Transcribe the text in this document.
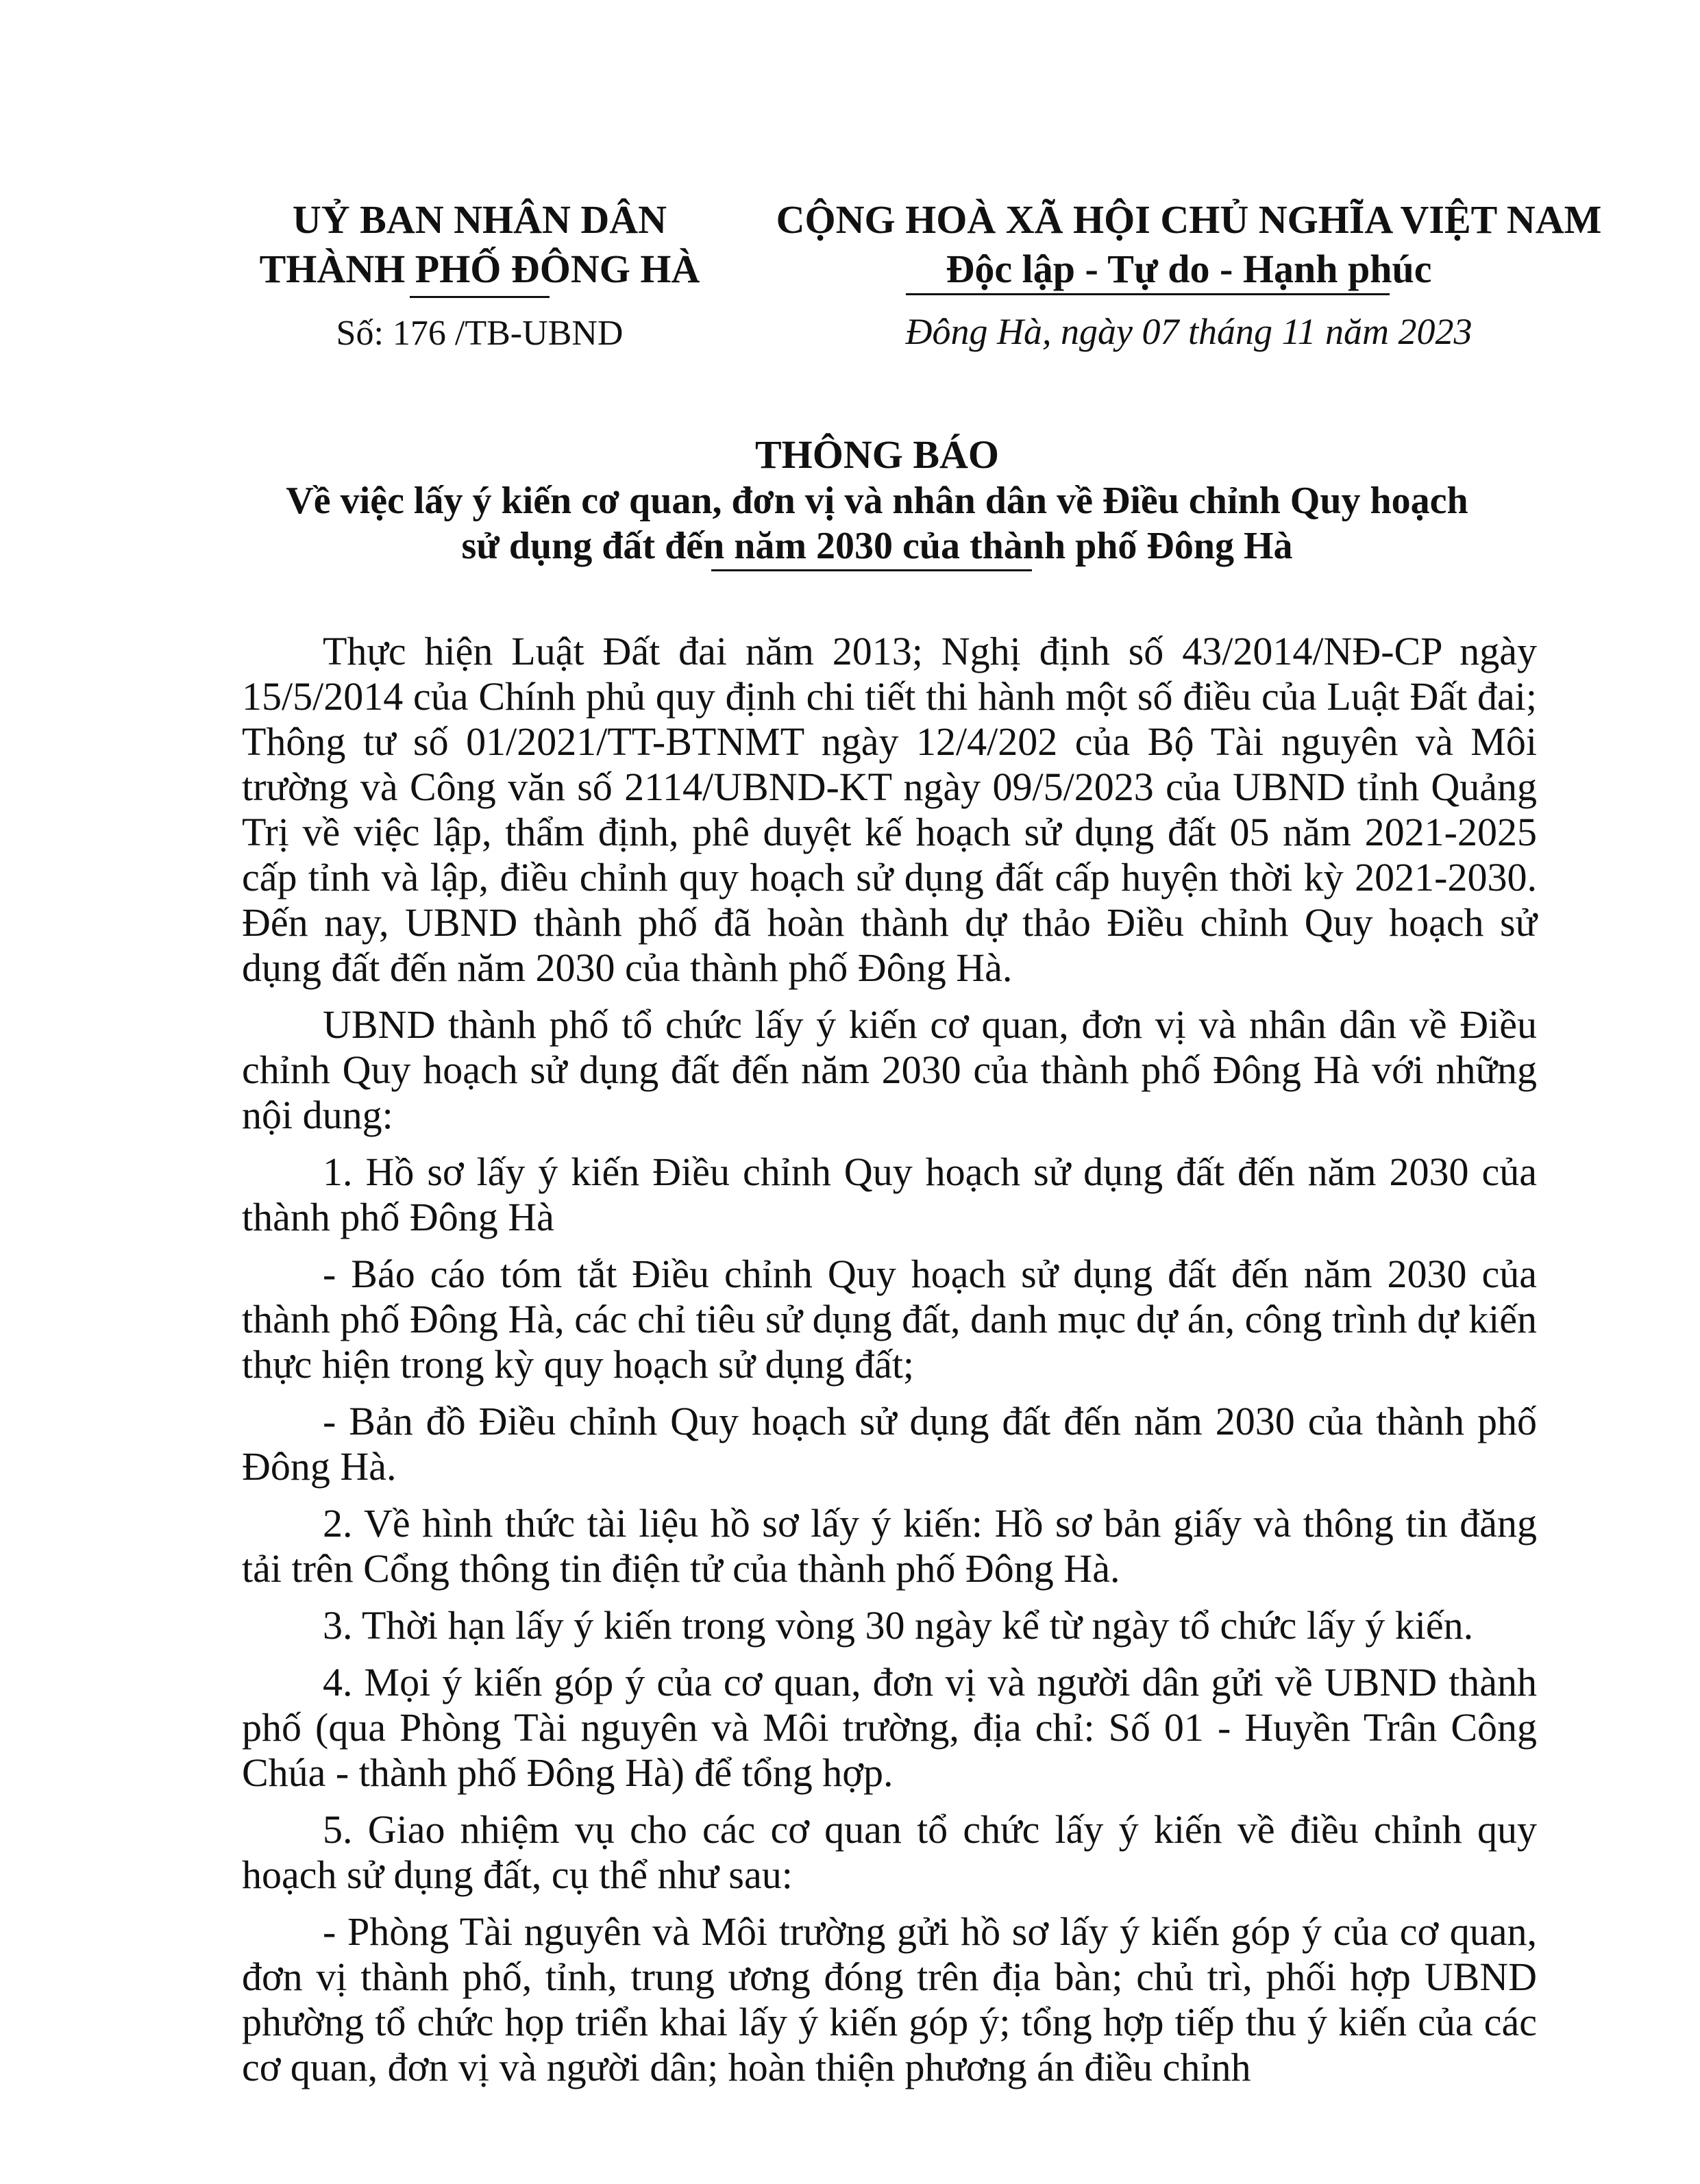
UỶ BAN NHÂN DÂN
THÀNH PHỐ ĐÔNG HÀ
Số: 176 /TB-UBND
CỘNG HOÀ XÃ HỘI CHỦ NGHĨA VIỆT NAM
Độc lập - Tự do - Hạnh phúc
Đông Hà, ngày 07 tháng 11 năm 2023
THÔNG BÁO
Về việc lấy ý kiến cơ quan, đơn vị và nhân dân về Điều chỉnh Quy hoạch
sử dụng đất đến năm 2030 của thành phố Đông Hà

Thực hiện Luật Đất đai năm 2013; Nghị định số 43/2014/NĐ-CP ngày 15/5/2014 của Chính phủ quy định chi tiết thi hành một số điều của Luật Đất đai; Thông tư số 01/2021/TT-BTNMT ngày 12/4/202 của Bộ Tài nguyên và Môi trường và Công văn số 2114/UBND-KT ngày 09/5/2023 của UBND tỉnh Quảng Trị về việc lập, thẩm định, phê duyệt kế hoạch sử dụng đất 05 năm 2021-2025 cấp tỉnh và lập, điều chỉnh quy hoạch sử dụng đất cấp huyện thời kỳ 2021-2030. Đến nay, UBND thành phố đã hoàn thành dự thảo Điều chỉnh Quy hoạch sử dụng đất đến năm 2030 của thành phố Đông Hà.

UBND thành phố tổ chức lấy ý kiến cơ quan, đơn vị và nhân dân về Điều chỉnh Quy hoạch sử dụng đất đến năm 2030 của thành phố Đông Hà với những nội dung:

1. Hồ sơ lấy ý kiến Điều chỉnh Quy hoạch sử dụng đất đến năm 2030 của thành phố Đông Hà

- Báo cáo tóm tắt Điều chỉnh Quy hoạch sử dụng đất đến năm 2030 của thành phố Đông Hà, các chỉ tiêu sử dụng đất, danh mục dự án, công trình dự kiến thực hiện trong kỳ quy hoạch sử dụng đất;

- Bản đồ Điều chỉnh Quy hoạch sử dụng đất đến năm 2030 của thành phố Đông Hà.

2. Về hình thức tài liệu hồ sơ lấy ý kiến: Hồ sơ bản giấy và thông tin đăng tải trên Cổng thông tin điện tử của thành phố Đông Hà.

3. Thời hạn lấy ý kiến trong vòng 30 ngày kể từ ngày tổ chức lấy ý kiến.

4. Mọi ý kiến góp ý của cơ quan, đơn vị và người dân gửi về UBND thành phố (qua Phòng Tài nguyên và Môi trường, địa chỉ: Số 01 - Huyền Trân Công Chúa - thành phố Đông Hà) để tổng hợp.

5. Giao nhiệm vụ cho các cơ quan tổ chức lấy ý kiến về điều chỉnh quy hoạch sử dụng đất, cụ thể như sau:

- Phòng Tài nguyên và Môi trường gửi hồ sơ lấy ý kiến góp ý của cơ quan, đơn vị thành phố, tỉnh, trung ương đóng trên địa bàn; chủ trì, phối hợp UBND phường tổ chức họp triển khai lấy ý kiến góp ý; tổng hợp tiếp thu ý kiến của các cơ quan, đơn vị và người dân; hoàn thiện phương án điều chỉnh
